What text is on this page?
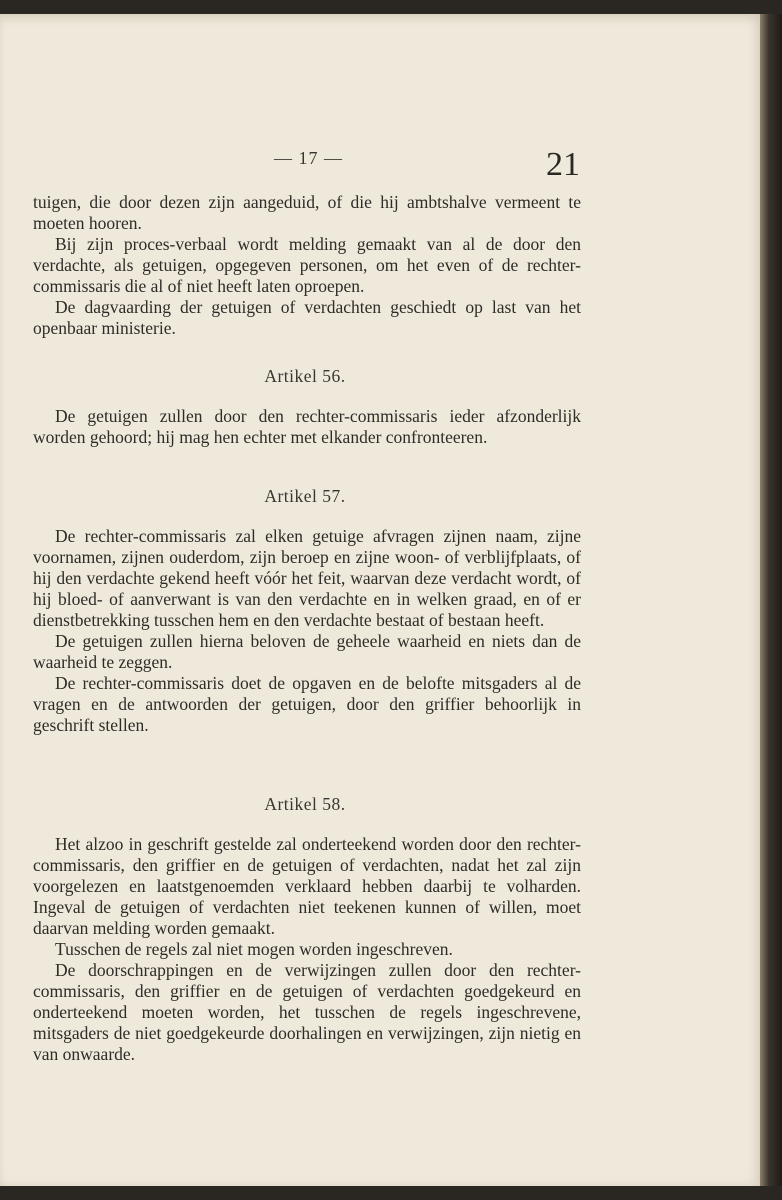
— 17 —	21

tuigen, die door dezen zijn aangeduid, of die hij ambtshalve vermeent te moeten hooren.

Bij zijn proces-verbaal wordt melding gemaakt van al de door den verdachte, als getuigen, opgegeven personen, om het even of de rechter-commissaris die al of niet heeft laten oproepen.

De dagvaarding der getuigen of verdachten geschiedt op last van het openbaar ministerie.

Artikel 56.

De getuigen zullen door den rechter-commissaris ieder afzonderlijk worden gehoord; hij mag hen echter met elkander confronteeren.

Artikel 57.

De rechter-commissaris zal elken getuige afvragen zijnen naam, zijne voornamen, zijnen ouderdom, zijn beroep en zijne woon- of verblijfplaats, of hij den verdachte gekend heeft vóór het feit, waarvan deze verdacht wordt, of hij bloed- of aanverwant is van den verdachte en in welken graad, en of er dienstbetrekking tusschen hem en den verdachte bestaat of bestaan heeft.

De getuigen zullen hierna beloven de geheele waarheid en niets dan de waarheid te zeggen.

De rechter-commissaris doet de opgaven en de belofte mitsgaders al de vragen en de antwoorden der getuigen, door den griffier behoorlijk in geschrift stellen.

Artikel 58.

Het alzoo in geschrift gestelde zal onderteekend worden door den rechter-commissaris, den griffier en de getuigen of verdachten, nadat het zal zijn voorgelezen en laatstgenoemden verklaard hebben daarbij te volharden. Ingeval de getuigen of verdachten niet teekenen kunnen of willen, moet daarvan melding worden gemaakt.

Tusschen de regels zal niet mogen worden ingeschreven.

De doorschrappingen en de verwijzingen zullen door den rechter-commissaris, den griffier en de getuigen of verdachten goedgekeurd en onderteekend moeten worden, het tusschen de regels ingeschrevene, mitsgaders de niet goedgekeurde doorhalingen en verwijzingen, zijn nietig en van onwaarde.
